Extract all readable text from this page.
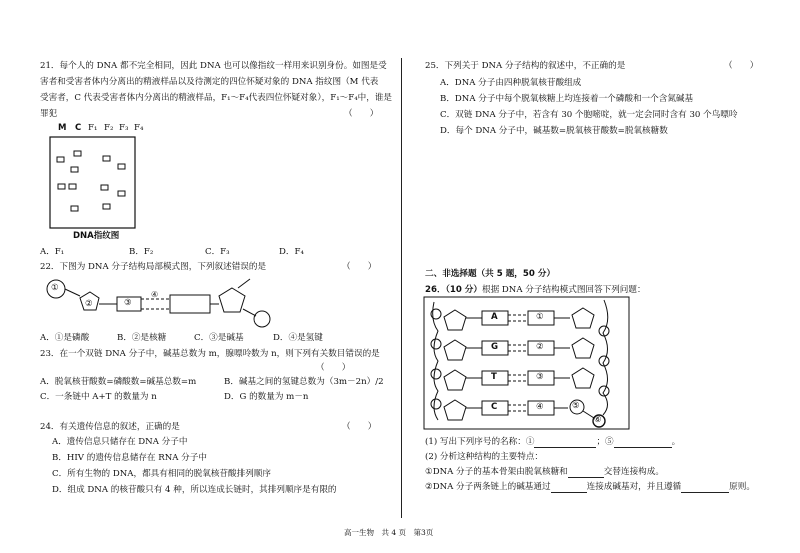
21．每个人的 DNA 都不完全相同，因此 DNA 也可以像指纹一样用来识别身份。如图是受
害者和受害者体内分离出的精液样品以及待测定的四位怀疑对象的 DNA 指纹图（M 代表
受害者，C 代表受害者体内分离出的精液样品，F₁～F₄代表四位怀疑对象），F₁～F₄中，谁是
罪犯	（　　）
M C F₁ F₂ F₃ F₄
DNA指纹图
A．F₁	B．F₂	C．F₃	D．F₄
22．下图为 DNA 分子结构局部模式图，下列叙述错误的是	（　　）
①
②	③
④
A．①是磷酸	B．②是核糖	C．③是碱基	D．④是氢键
23．在一个双链 DNA 分子中，碱基总数为 m，腺嘌呤数为 n，则下列有关数目错误的是
（　　）
A．脱氧核苷酸数=磷酸数=碱基总数=m	B．碱基之间的氢键总数为（3m－2n）/2
C．一条链中 A+T 的数量为 n	D．G 的数量为 m－n
24．有关遗传信息的叙述，正确的是	（　　）
A．遗传信息只储存在 DNA 分子中
B．HIV 的遗传信息储存在 RNA 分子中
C．所有生物的 DNA，都具有相同的脱氧核苷酸排列顺序
D．组成 DNA 的核苷酸只有 4 种，所以连成长链时，其排列顺序是有限的
25．下列关于 DNA 分子结构的叙述中，不正确的是	（　　）
A．DNA 分子由四种脱氧核苷酸组成
B．DNA 分子中每个脱氧核糖上均连接着一个磷酸和一个含氮碱基
C．双链 DNA 分子中，若含有 30 个胞嘧啶，就一定会同时含有 30 个鸟嘌呤
D．每个 DNA 分子中，碱基数=脱氧核苷酸数=脱氧核糖数
二、非选择题（共 5 题，50 分）
26．（10 分）根据 DNA 分子结构模式图回答下列问题：
A
G
T
C
①
②
③
④	⑤
⑥
(1) 写出下列序号的名称：①	；⑤	。
(2) 分析这种结构的主要特点：
①DNA 分子的基本骨架由脱氧核糖和	交替连接构成。
②DNA 分子两条链上的碱基通过	连接成碱基对，并且遵循	原则。
高一生物　共 4 页　第3页
